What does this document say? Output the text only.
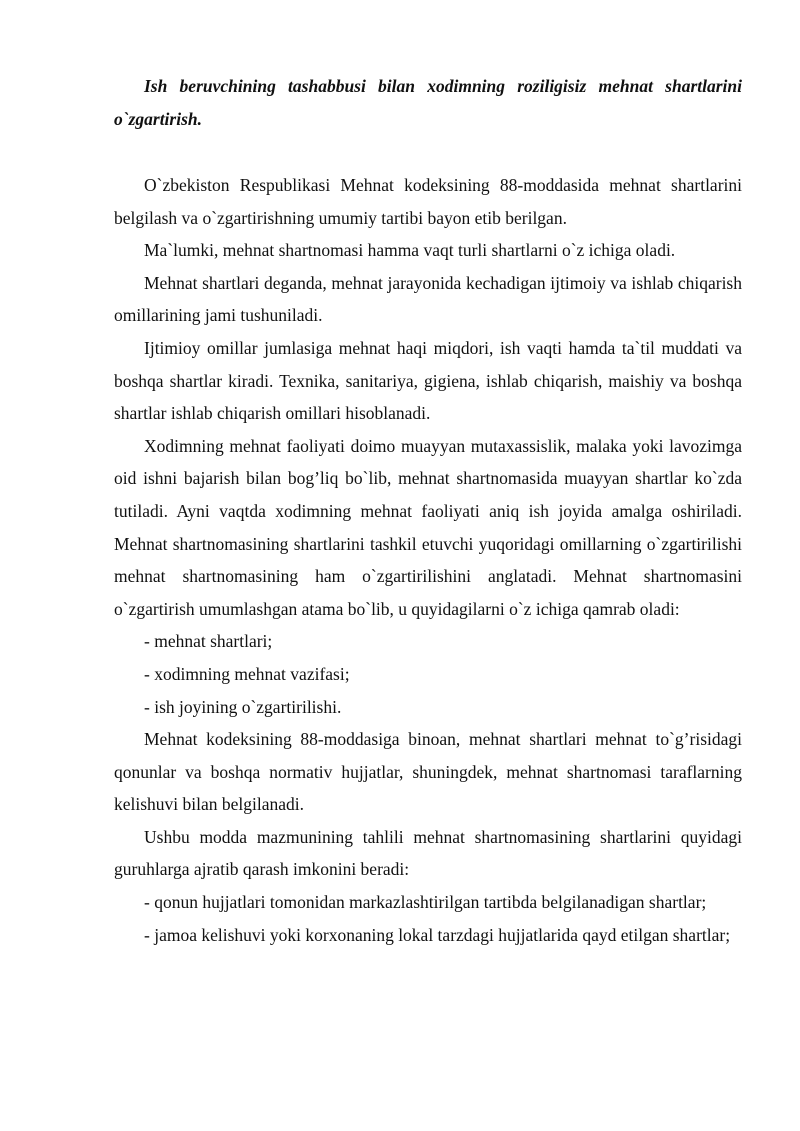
Ish beruvchining tashabbusi bilan xodimning roziligisiz mehnat shartlarini o`zgartirish.

O`zbekiston Respublikasi Mehnat kodeksining 88-moddasida mehnat shartlarini belgilash va o`zgartirishning umumiy tartibi bayon etib berilgan.

Ma`lumki, mehnat shartnomasi hamma vaqt turli shartlarni o`z ichiga oladi.

Mehnat shartlari deganda, mehnat jarayonida kechadigan ijtimoiy va ishlab chiqarish omillarining jami tushuniladi.

Ijtimioy omillar jumlasiga mehnat haqi miqdori, ish vaqti hamda ta`til muddati va boshqa shartlar kiradi. Texnika, sanitariya, gigiena, ishlab chiqarish, maishiy va boshqa shartlar ishlab chiqarish omillari hisoblanadi.

Xodimning mehnat faoliyati doimo muayyan mutaxassislik, malaka yoki lavozimga oid ishni bajarish bilan bog’liq bo`lib, mehnat shartnomasida muayyan shartlar ko`zda tutiladi. Ayni vaqtda xodimning mehnat faoliyati aniq ish joyida amalga oshiriladi. Mehnat shartnomasining shartlarini tashkil etuvchi yuqoridagi omillarning o`zgartirilishi mehnat shartnomasining ham o`zgartirilishini anglatadi. Mehnat shartnomasini o`zgartirish umumlashgan atama bo`lib, u quyidagilarni o`z ichiga qamrab oladi:

- mehnat shartlari;

- xodimning mehnat vazifasi;

- ish joyining o`zgartirilishi.

Mehnat kodeksining 88-moddasiga binoan, mehnat shartlari mehnat to`g’risidagi qonunlar va boshqa normativ hujjatlar, shuningdek, mehnat shartnomasi taraflarning kelishuvi bilan belgilanadi.

Ushbu modda mazmunining tahlili mehnat shartnomasining shartlarini quyidagi guruhlarga ajratib qarash imkonini beradi:

- qonun hujjatlari tomonidan markazlashtirilgan tartibda belgilanadigan shartlar;

- jamoa kelishuvi yoki korxonaning lokal tarzdagi hujjatlarida qayd etilgan shartlar;
